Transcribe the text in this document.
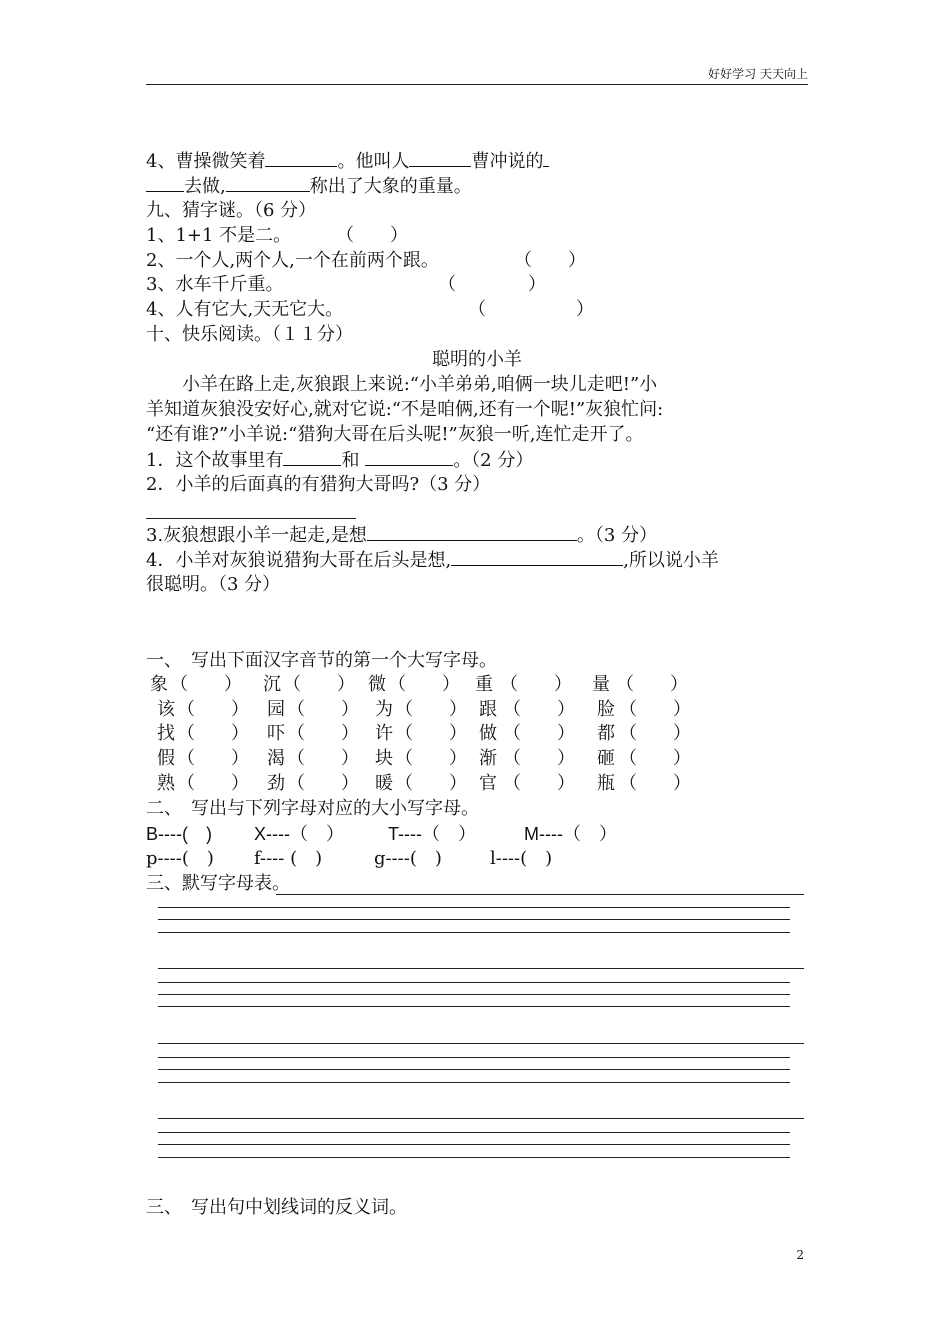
好好学习 天天向上
4、曹操微笑着	。他叫人	曹冲说的
去做,	称出了大象的重量。
九、猜字谜。（6 分）
1、1+1 不是二。 （　　）
2、一个人,两个人,一个在前两个跟。	（　　）
3、水车千斤重。	（　　　　）
4、人有它大,天无它大。	（　　　　　）
十、快乐阅读。（１１分）
聪明的小羊
　　小羊在路上走,灰狼跟上来说:“小羊弟弟,咱俩一块儿走吧!”小
羊知道灰狼没安好心,就对它说:“不是咱俩,还有一个呢!”灰狼忙问:
“还有谁?”小羊说:“猎狗大哥在后头呢!”灰狼一听,连忙走开了。
1．这个故事里有	和	。（2 分）
2．小羊的后面真的有猎狗大哥吗?（3 分）
3.灰狼想跟小羊一起走,是想	。（3 分）
4．小羊对灰狼说猎狗大哥在后头是想,	,所以说小羊
很聪明。（3 分）
一、　写出下面汉字音节的第一个大写字母。
象 （　　） 沉 （　　） 微 （　　） 重 （　　） 量 （　　）
该 （　　） 园 （　　） 为 （　　） 跟 （　　） 脸 （　　）
找 （　　） 吓 （　　） 许 （　　） 做 （　　） 都 （　　）
假 （　　） 渴 （　　） 块 （　　） 渐 （　　） 砸 （　　）
熟 （　　） 劲 （　　） 暖 （　　） 官 （　　） 瓶 （　　）
二、　写出与下列字母对应的大小写字母。
B----(　) X----（　） T----（　）	M----（　）
p----(　) f---- (　)	g----(　)	l----(　)
三、默写字母表。
三、　写出句中划线词的反义词。
2
